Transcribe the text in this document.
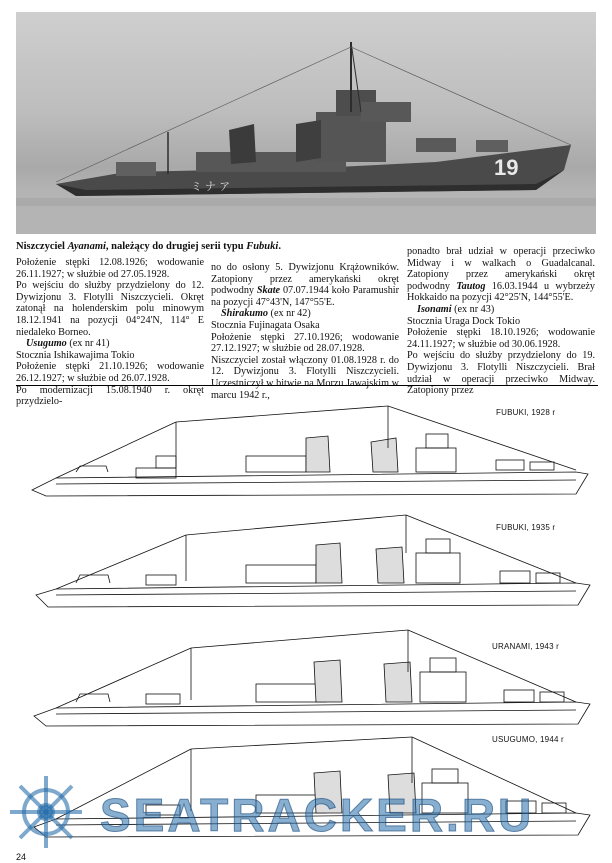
19
ミ ナ ア
Niszczyciel Ayanami, należący do drugiej serii typu Fubuki.

Położenie stępki 12.08.1926; wodowanie 26.11.1927; w służbie od 27.05.1928.

Po wejściu do służby przydzielony do 12. Dywizjonu 3. Flotylli Niszczycieli. Okręt zatonął na holenderskim polu minowym 18.12.1941 na pozycji 04°24'N, 114° E niedaleko Borneo.

Usugumo (ex nr 41)

Stocznia Ishikawajima Tokio

Położenie stępki 21.10.1926; wodowanie 26.12.1927; w służbie od 26.07.1928.

Po modernizacji 15.08.1940 r. okręt przydzielo-

no do osłony 5. Dywizjonu Krążowników. Zatopiony przez amerykański okręt podwodny Skate 07.07.1944 koło Paramushir na pozycji 47°43'N, 147°55'E.

Shirakumo (ex nr 42)

Stocznia Fujinagata Osaka

Położenie stępki 27.10.1926; wodowanie 27.12.1927; w służbie od 28.07.1928.

Niszczyciel został włączony 01.08.1928 r. do 12. Dywizjonu 3. Flotylli Niszczycieli. Uczestniczył w bitwie na Morzu Jawajskim w marcu 1942 r.,

ponadto brał udział w operacji przeciwko Midway i w walkach o Guadalcanal. Zatopiony przez amerykański okręt podwodny Tautog 16.03.1944 u wybrzeży Hokkaido na pozycji 42°25'N, 144°55'E.

Isonami (ex nr 43)

Stocznia Uraga Dock Tokio

Położenie stępki 18.10.1926; wodowanie 24.11.1927; w służbie od 30.06.1928.

Po wejściu do służby przydzielony do 19. Dywizjonu 3. Flotylli Niszczycieli. Brał udział w operacji przeciwko Midway. Zatopiony przez

FUBUKI, 1928 r
FUBUKI, 1935 r
URANAMI, 1943 r
USUGUMO, 1944 r
SEATRACKER.RU
24
